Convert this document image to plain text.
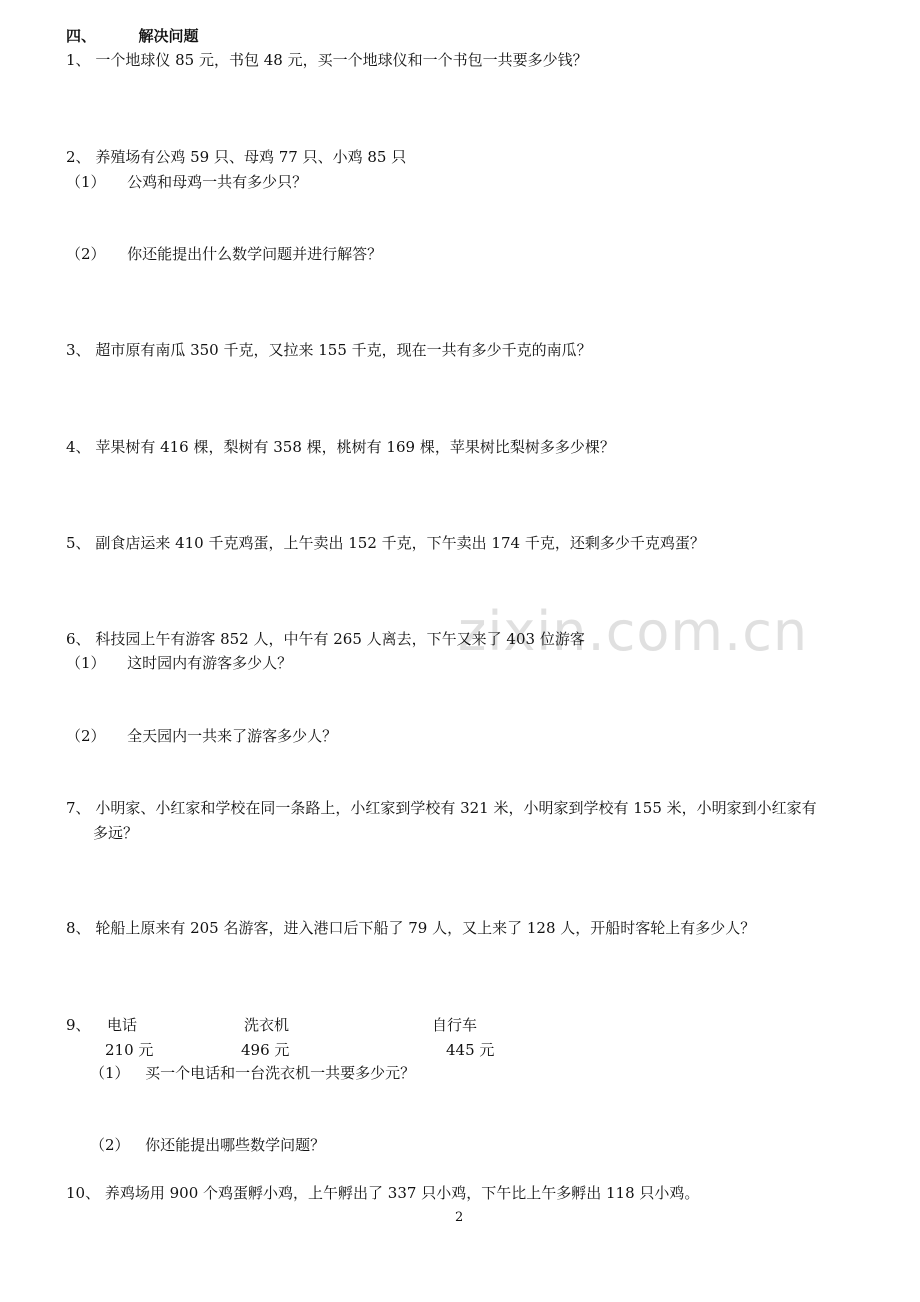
zixin.com.cn
四、	解决问题
1、 一个地球仪 85 元，书包 48 元，买一个地球仪和一个书包一共要多少钱？
2、 养殖场有公鸡 59 只、母鸡 77 只、小鸡 85 只
（1） 公鸡和母鸡一共有多少只？
（2） 你还能提出什么数学问题并进行解答？
3、 超市原有南瓜 350 千克，又拉来 155 千克，现在一共有多少千克的南瓜？
4、 苹果树有 416 棵，梨树有 358 棵，桃树有 169 棵，苹果树比梨树多多少棵？
5、 副食店运来 410 千克鸡蛋，上午卖出 152 千克，下午卖出 174 千克，还剩多少千克鸡蛋？
6、 科技园上午有游客 852 人，中午有 265 人离去，下午又来了 403 位游客
（1） 这时园内有游客多少人？
（2） 全天园内一共来了游客多少人？
7、 小明家、小红家和学校在同一条路上，小红家到学校有 321 米，小明家到学校有 155 米，小明家到小红家有
多远？
8、 轮船上原来有 205 名游客，进入港口后下船了 79 人，又上来了 128 人，开船时客轮上有多少人？
9、 电话	洗衣机	自行车
210 元	496 元	445 元
（1） 买一个电话和一台洗衣机一共要多少元？
（2） 你还能提出哪些数学问题？
10、 养鸡场用 900 个鸡蛋孵小鸡，上午孵出了 337 只小鸡，下午比上午多孵出 118 只小鸡。
2
